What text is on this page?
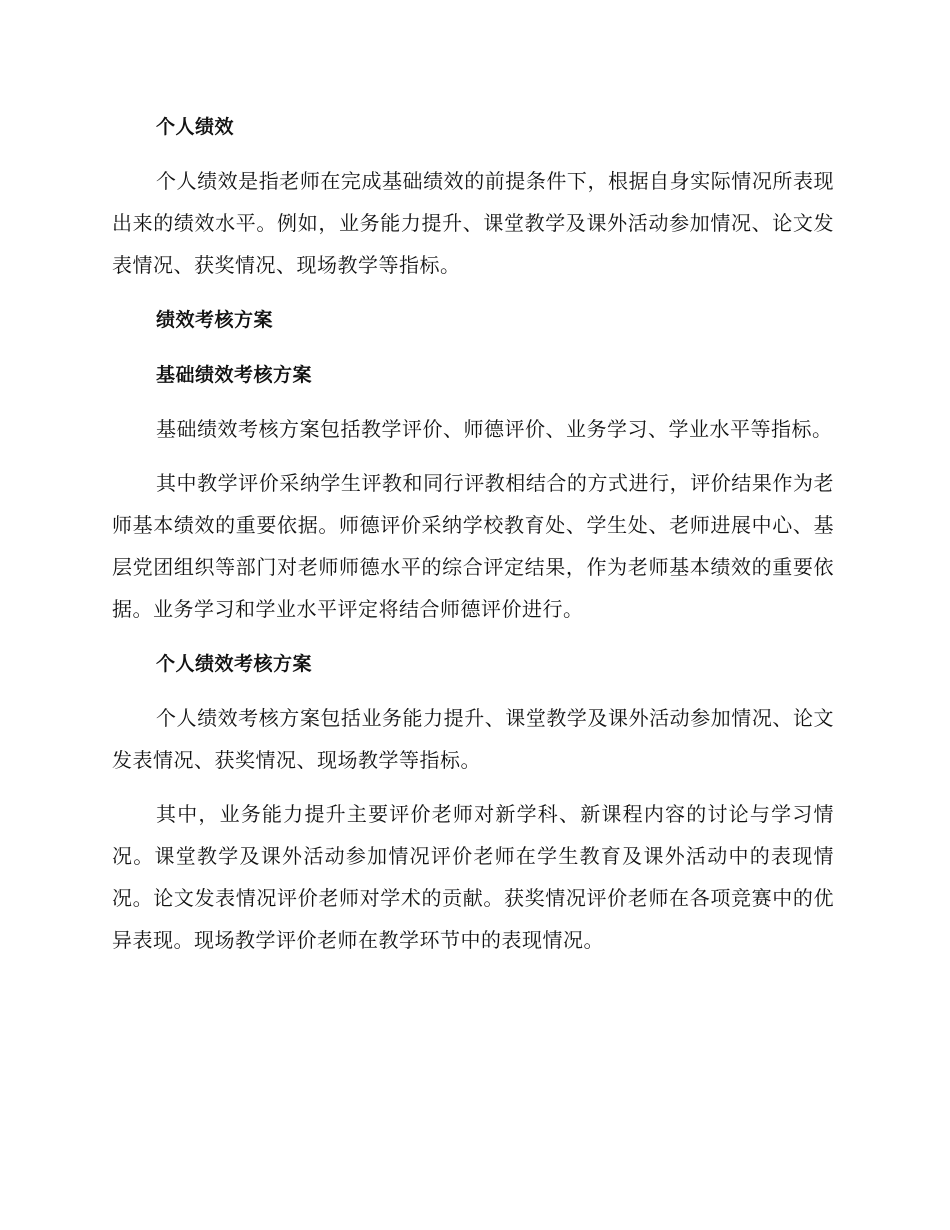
个人绩效

个人绩效是指老师在完成基础绩效的前提条件下，根据自身实际情况所表现出来的绩效水平。例如，业务能力提升、课堂教学及课外活动参加情况、论文发表情况、获奖情况、现场教学等指标。

绩效考核方案
基础绩效考核方案

基础绩效考核方案包括教学评价、师德评价、业务学习、学业水平等指标。

其中教学评价采纳学生评教和同行评教相结合的方式进行，评价结果作为老师基本绩效的重要依据。师德评价采纳学校教育处、学生处、老师进展中心、基层党团组织等部门对老师师德水平的综合评定结果，作为老师基本绩效的重要依据。业务学习和学业水平评定将结合师德评价进行。

个人绩效考核方案

个人绩效考核方案包括业务能力提升、课堂教学及课外活动参加情况、论文发表情况、获奖情况、现场教学等指标。

其中，业务能力提升主要评价老师对新学科、新课程内容的讨论与学习情况。课堂教学及课外活动参加情况评价老师在学生教育及课外活动中的表现情况。论文发表情况评价老师对学术的贡献。获奖情况评价老师在各项竞赛中的优异表现。现场教学评价老师在教学环节中的表现情况。
